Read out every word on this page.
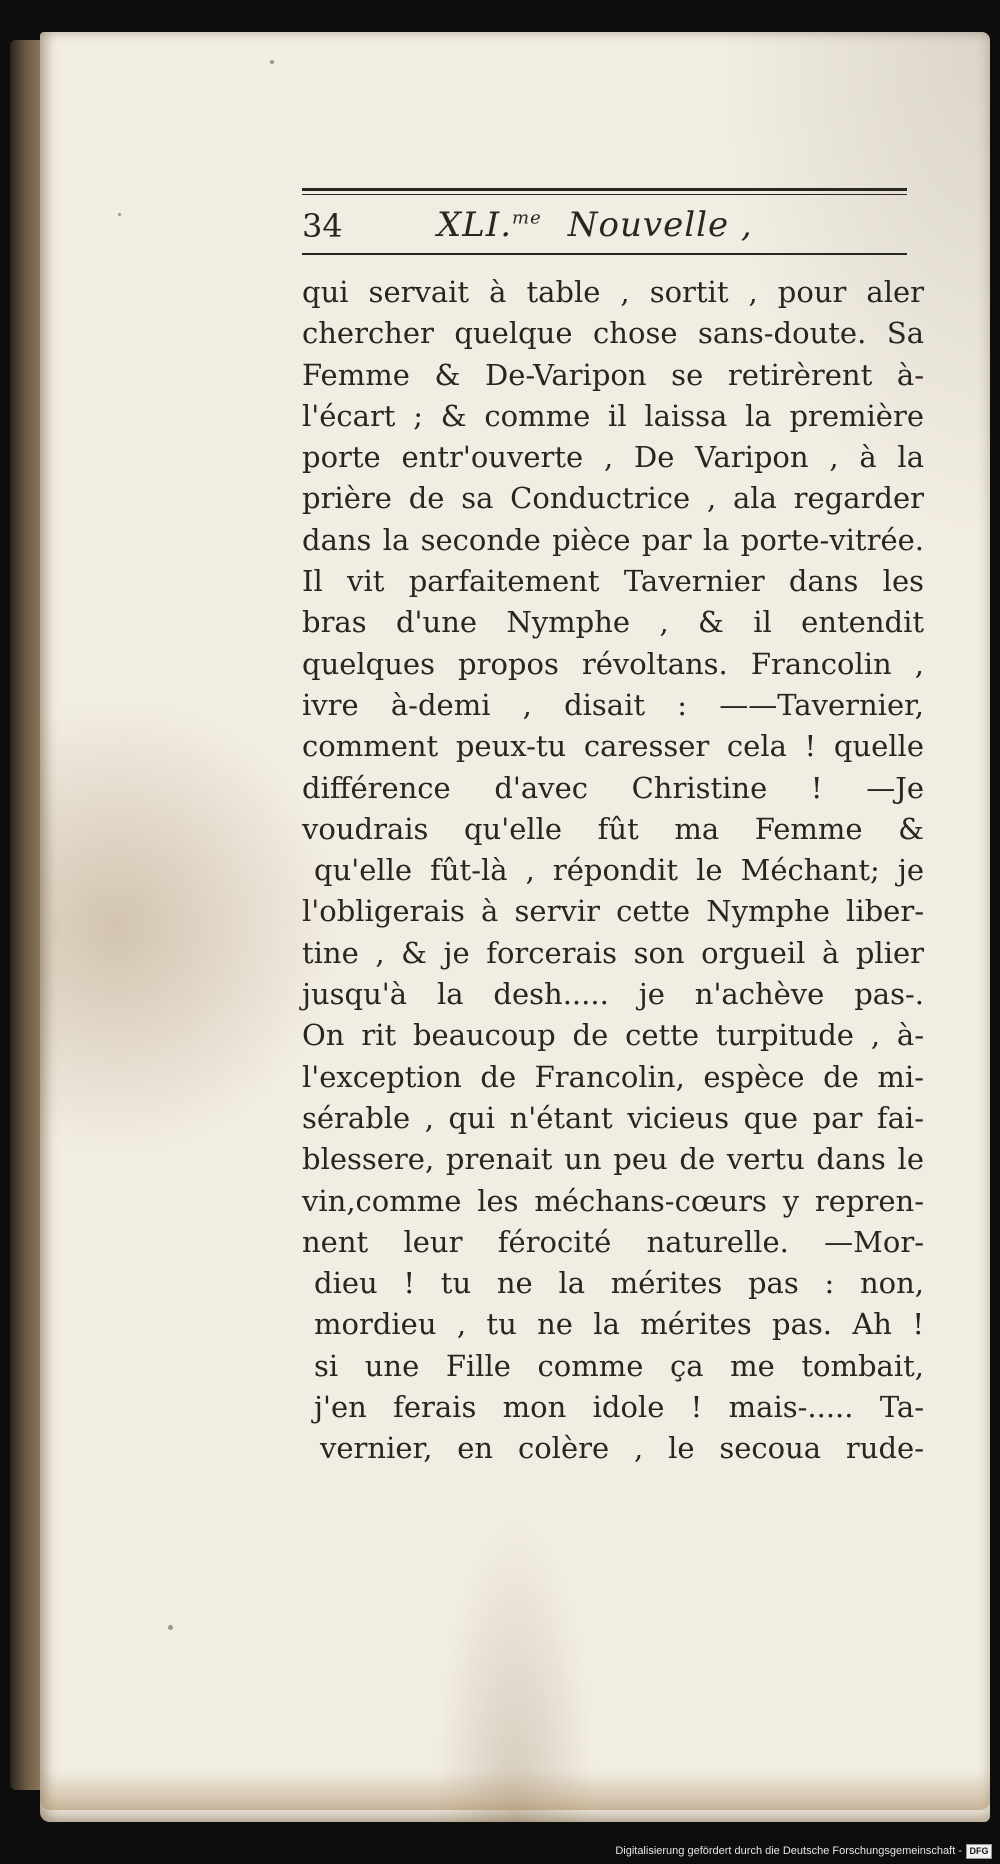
34	XLI.$^{me}$ Nouvelle ,
qui servait à table , sortit , pour aler
chercher quelque chose sans-doute. Sa
Femme & De-Varipon se retirèrent à-
l'écart ; & comme il laissa la première
porte entr'ouverte , De Varipon , à la
prière de sa Conductrice , ala regarder
dans la seconde pièce par la porte-vitrée.
Il vit parfaitement Tavernier dans les
bras d'une Nymphe , & il entendit
quelques propos révoltans. Francolin ,
ivre à-demi , disait : ——Tavernier,
comment peux-tu caresser cela ! quelle
différence d'avec Christine ! —Je
voudrais qu'elle fût ma Femme &
qu'elle fût-là , répondit le Méchant; je
l'obligerais à servir cette Nymphe liber-
tine , & je forcerais son orgueil à plier
jusqu'à la desh..... je n'achève pas-.
On rit beaucoup de cette turpitude , à-
l'exception de Francolin, espèce de mi-
sérable , qui n'étant vicieus que par fai-
blessere, prenait un peu de vertu dans le
vin,comme les méchans-cœurs y repren-
nent leur férocité naturelle. —Mor-
dieu ! tu ne la mérites pas : non,
mordieu , tu ne la mérites pas. Ah !
si une Fille comme ça me tombait,
j'en ferais mon idole ! mais-..... Ta-
vernier, en colère , le secoua rude-
Digitalisierung gefördert durch die Deutsche Forschungsgemeinschaft - DFG
